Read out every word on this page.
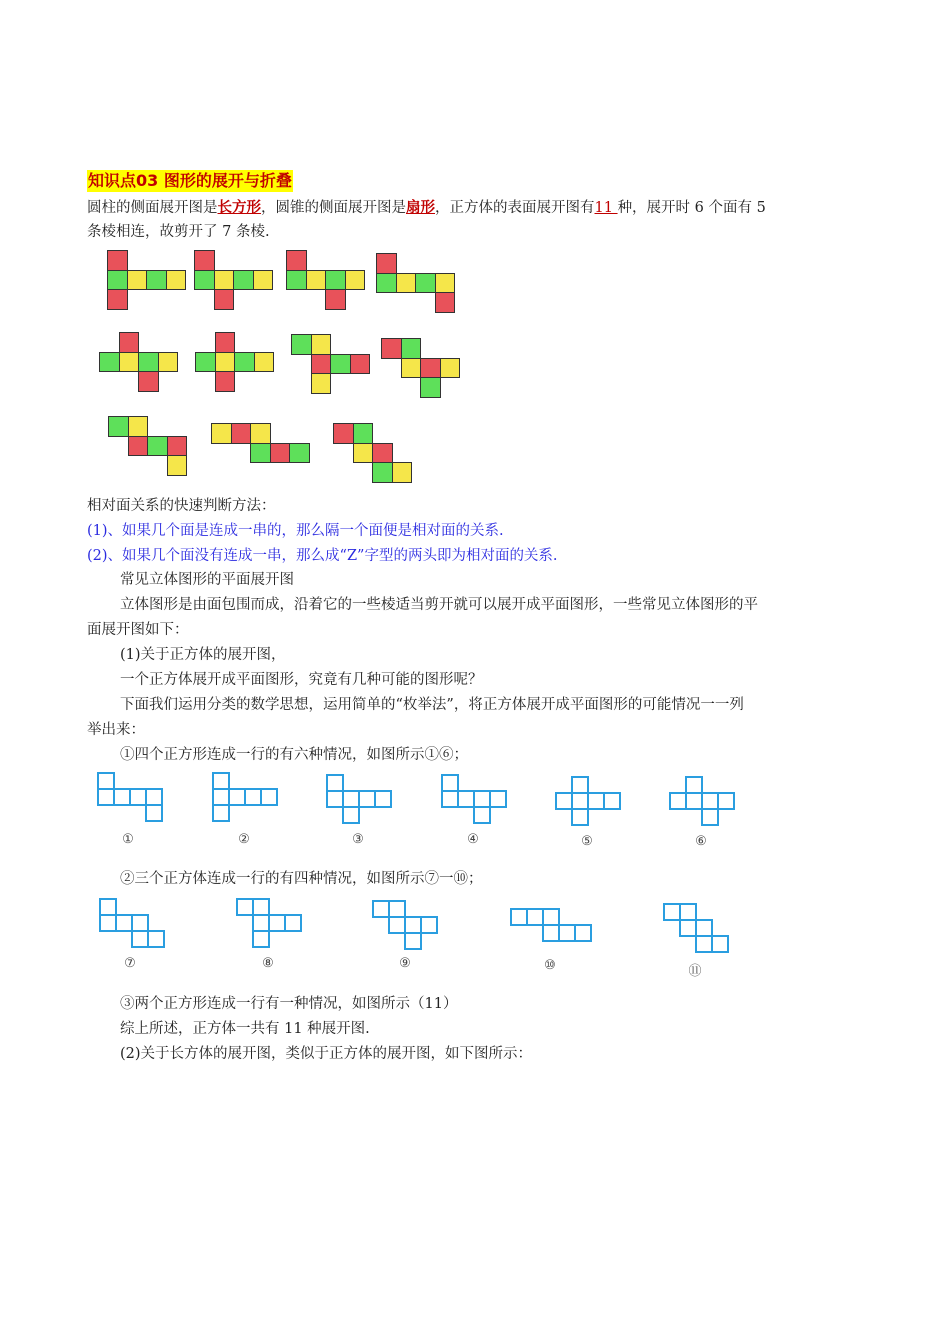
知识点03 图形的展开与折叠
圆柱的侧面展开图是长方形，圆锥的侧面展开图是扇形，正方体的表面展开图有11 种，展开时 6 个面有 5
条棱相连，故剪开了 7 条棱.
相对面关系的快速判断方法：
(1)、如果几个面是连成一串的，那么隔一个面便是相对面的关系.
(2)、如果几个面没有连成一串，那么成“Z”字型的两头即为相对面的关系.
常见立体图形的平面展开图
立体图形是由面包围而成，沿着它的一些棱适当剪开就可以展开成平面图形，一些常见立体图形的平
面展开图如下：
(1)关于正方体的展开图，
一个正方体展开成平面图形，究竟有几种可能的图形呢？
下面我们运用分类的数学思想，运用简单的“枚举法”，将正方体展开成平面图形的可能情况一一列
举出来：
①四个正方形连成一行的有六种情况，如图所示①⑥；
②三个正方体连成一行的有四种情况，如图所示⑦一⑩；
③两个正方形连成一行有一种情况，如图所示（11）
综上所述，正方体一共有 11 种展开图.
(2)关于长方体的展开图，类似于正方体的展开图，如下图所示：
①	②	③	④	⑤	⑥
⑦	⑧	⑨	⑩	⑪
